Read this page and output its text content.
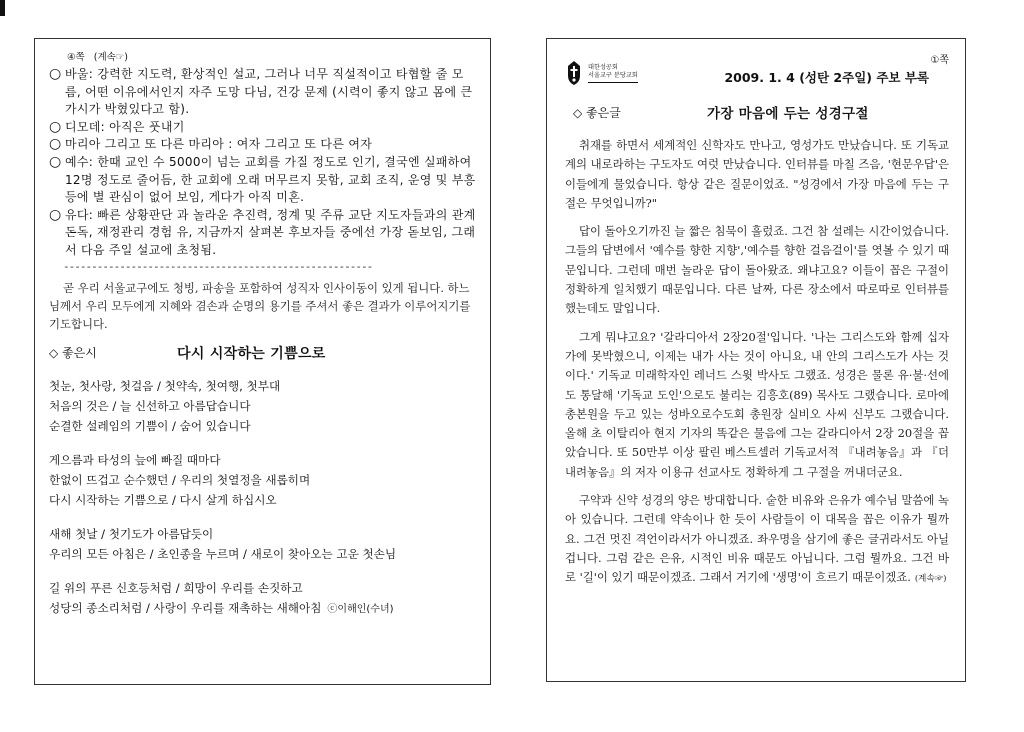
④쪽 (계속☞)
○ 바울: 강력한 지도력, 환상적인 설교, 그러나 너무 직설적이고 타협할 줄 모름, 어떤 이유에서인지 자주 도망 다님, 건강 문제 (시력이 좋지 않고 몸에 큰 가시가 박혔있다고 함).
○ 디모데: 아직은 풋내기
○ 마리아 그리고 또 다른 마리아 : 여자 그리고 또 다른 여자
○ 예수: 한때 교인 수 5000이 넘는 교회를 가질 정도로 인기, 결국엔 실패하여 12명 정도로 줄어듬, 한 교회에 오래 머무르지 못함, 교회 조직, 운영 및 부흥 등에 별 관심이 없어 보임, 게다가 아직 미혼.
○ 유다: 빠른 상황판단 과 놀라운 추진력, 정계 및 주류 교단 지도자들과의 관계 돈독, 재정관리 경험 유, 지금까지 살펴본 후보자들 중에선 가장 돋보임, 그래서 다음 주일 설교에 초청됨.
-------------------------------------------------------

곧 우리 서울교구에도 청빙, 파송을 포함하여 성직자 인사이동이 있게 됩니다. 하느님께서 우리 모두에게 지혜와 겸손과 순명의 용기를 주셔서 좋은 결과가 이루어지기를 기도합니다.

◇ 좋은시	다시 시작하는 기쁨으로
첫눈, 첫사랑, 첫걸음 / 첫약속, 첫여행, 첫부대
처음의 것은 / 늘 신선하고 아름답습니다
순결한 설레임의 기쁨이 / 숨어 있습니다
게으름과 타성의 늪에 빠질 때마다
한없이 뜨겁고 순수했던 / 우리의 첫열정을 새롭히며
다시 시작하는 기쁨으로 / 다시 살게 하십시오
새해 첫날 / 첫기도가 아름답듯이
우리의 모든 아침은 / 초인종을 누르며 / 새로이 찾아오는 고운 첫손님
길 위의 푸른 신호등처럼 / 희망이 우리를 손짓하고
성당의 종소리처럼 / 사랑이 우리를 재촉하는 새해아침 ⓒ이해인(수녀)
①쪽
대한성공회
서울교구 분당교회	2009. 1. 4 (성탄 2주일) 주보 부록
◇ 좋은글	가장 마음에 두는 성경구절

취재를 하면서 세계적인 신학자도 만나고, 영성가도 만났습니다. 또 기독교계의 내로라하는 구도자도 여럿 만났습니다. 인터뷰를 마칠 즈음, '현문우답'은 이들에게 물었습니다. 항상 같은 질문이었죠. "성경에서 가장 마음에 두는 구절은 무엇입니까?"

답이 돌아오기까진 늘 짧은 침묵이 흘렀죠. 그건 참 설레는 시간이었습니다. 그들의 답변에서 '예수를 향한 지향','예수를 향한 걸음걸이'를 엿볼 수 있기 때문입니다. 그런데 매번 놀라운 답이 돌아왔죠. 왜냐고요? 이들이 꼽은 구절이 정확하게 일치했기 때문입니다. 다른 날짜, 다른 장소에서 따로따로 인터뷰를 했는데도 말입니다.

그게 뭐냐고요? '갈라디아서 2장20절'입니다. '나는 그리스도와 함께 십자가에 못박혔으니, 이제는 내가 사는 것이 아니요, 내 안의 그리스도가 사는 것이다.' 기독교 미래학자인 레너드 스윗 박사도 그랬죠. 성경은 물론 유·불·선에도 통달해 '기독교 도인'으로도 불리는 김흥호(89) 목사도 그랬습니다. 로마에 총본원을 두고 있는 성바오로수도회 총원장 실비오 사씨 신부도 그랬습니다. 올해 초 이탈리아 현지 기자의 똑같은 물음에 그는 갈라디아서 2장 20절을 꼽았습니다. 또 50만부 이상 팔린 베스트셀러 기독교서적 『내려놓음』과 『더 내려놓음』의 저자 이용규 선교사도 정확하게 그 구절을 꺼내더군요.

구약과 신약 성경의 양은 방대합니다. 숱한 비유와 은유가 예수님 말씀에 녹아 있습니다. 그런데 약속이나 한 듯이 사람들이 이 대목을 꼽은 이유가 뭘까요. 그건 멋진 격언이라서가 아니겠죠. 좌우명을 삼기에 좋은 글귀라서도 아닐 겁니다. 그럼 같은 은유, 시적인 비유 때문도 아닙니다. 그럼 뭘까요. 그건 바로 '길'이 있기 때문이겠죠. 그래서 거기에 '생명'이 흐르기 때문이겠죠. (계속☞)
